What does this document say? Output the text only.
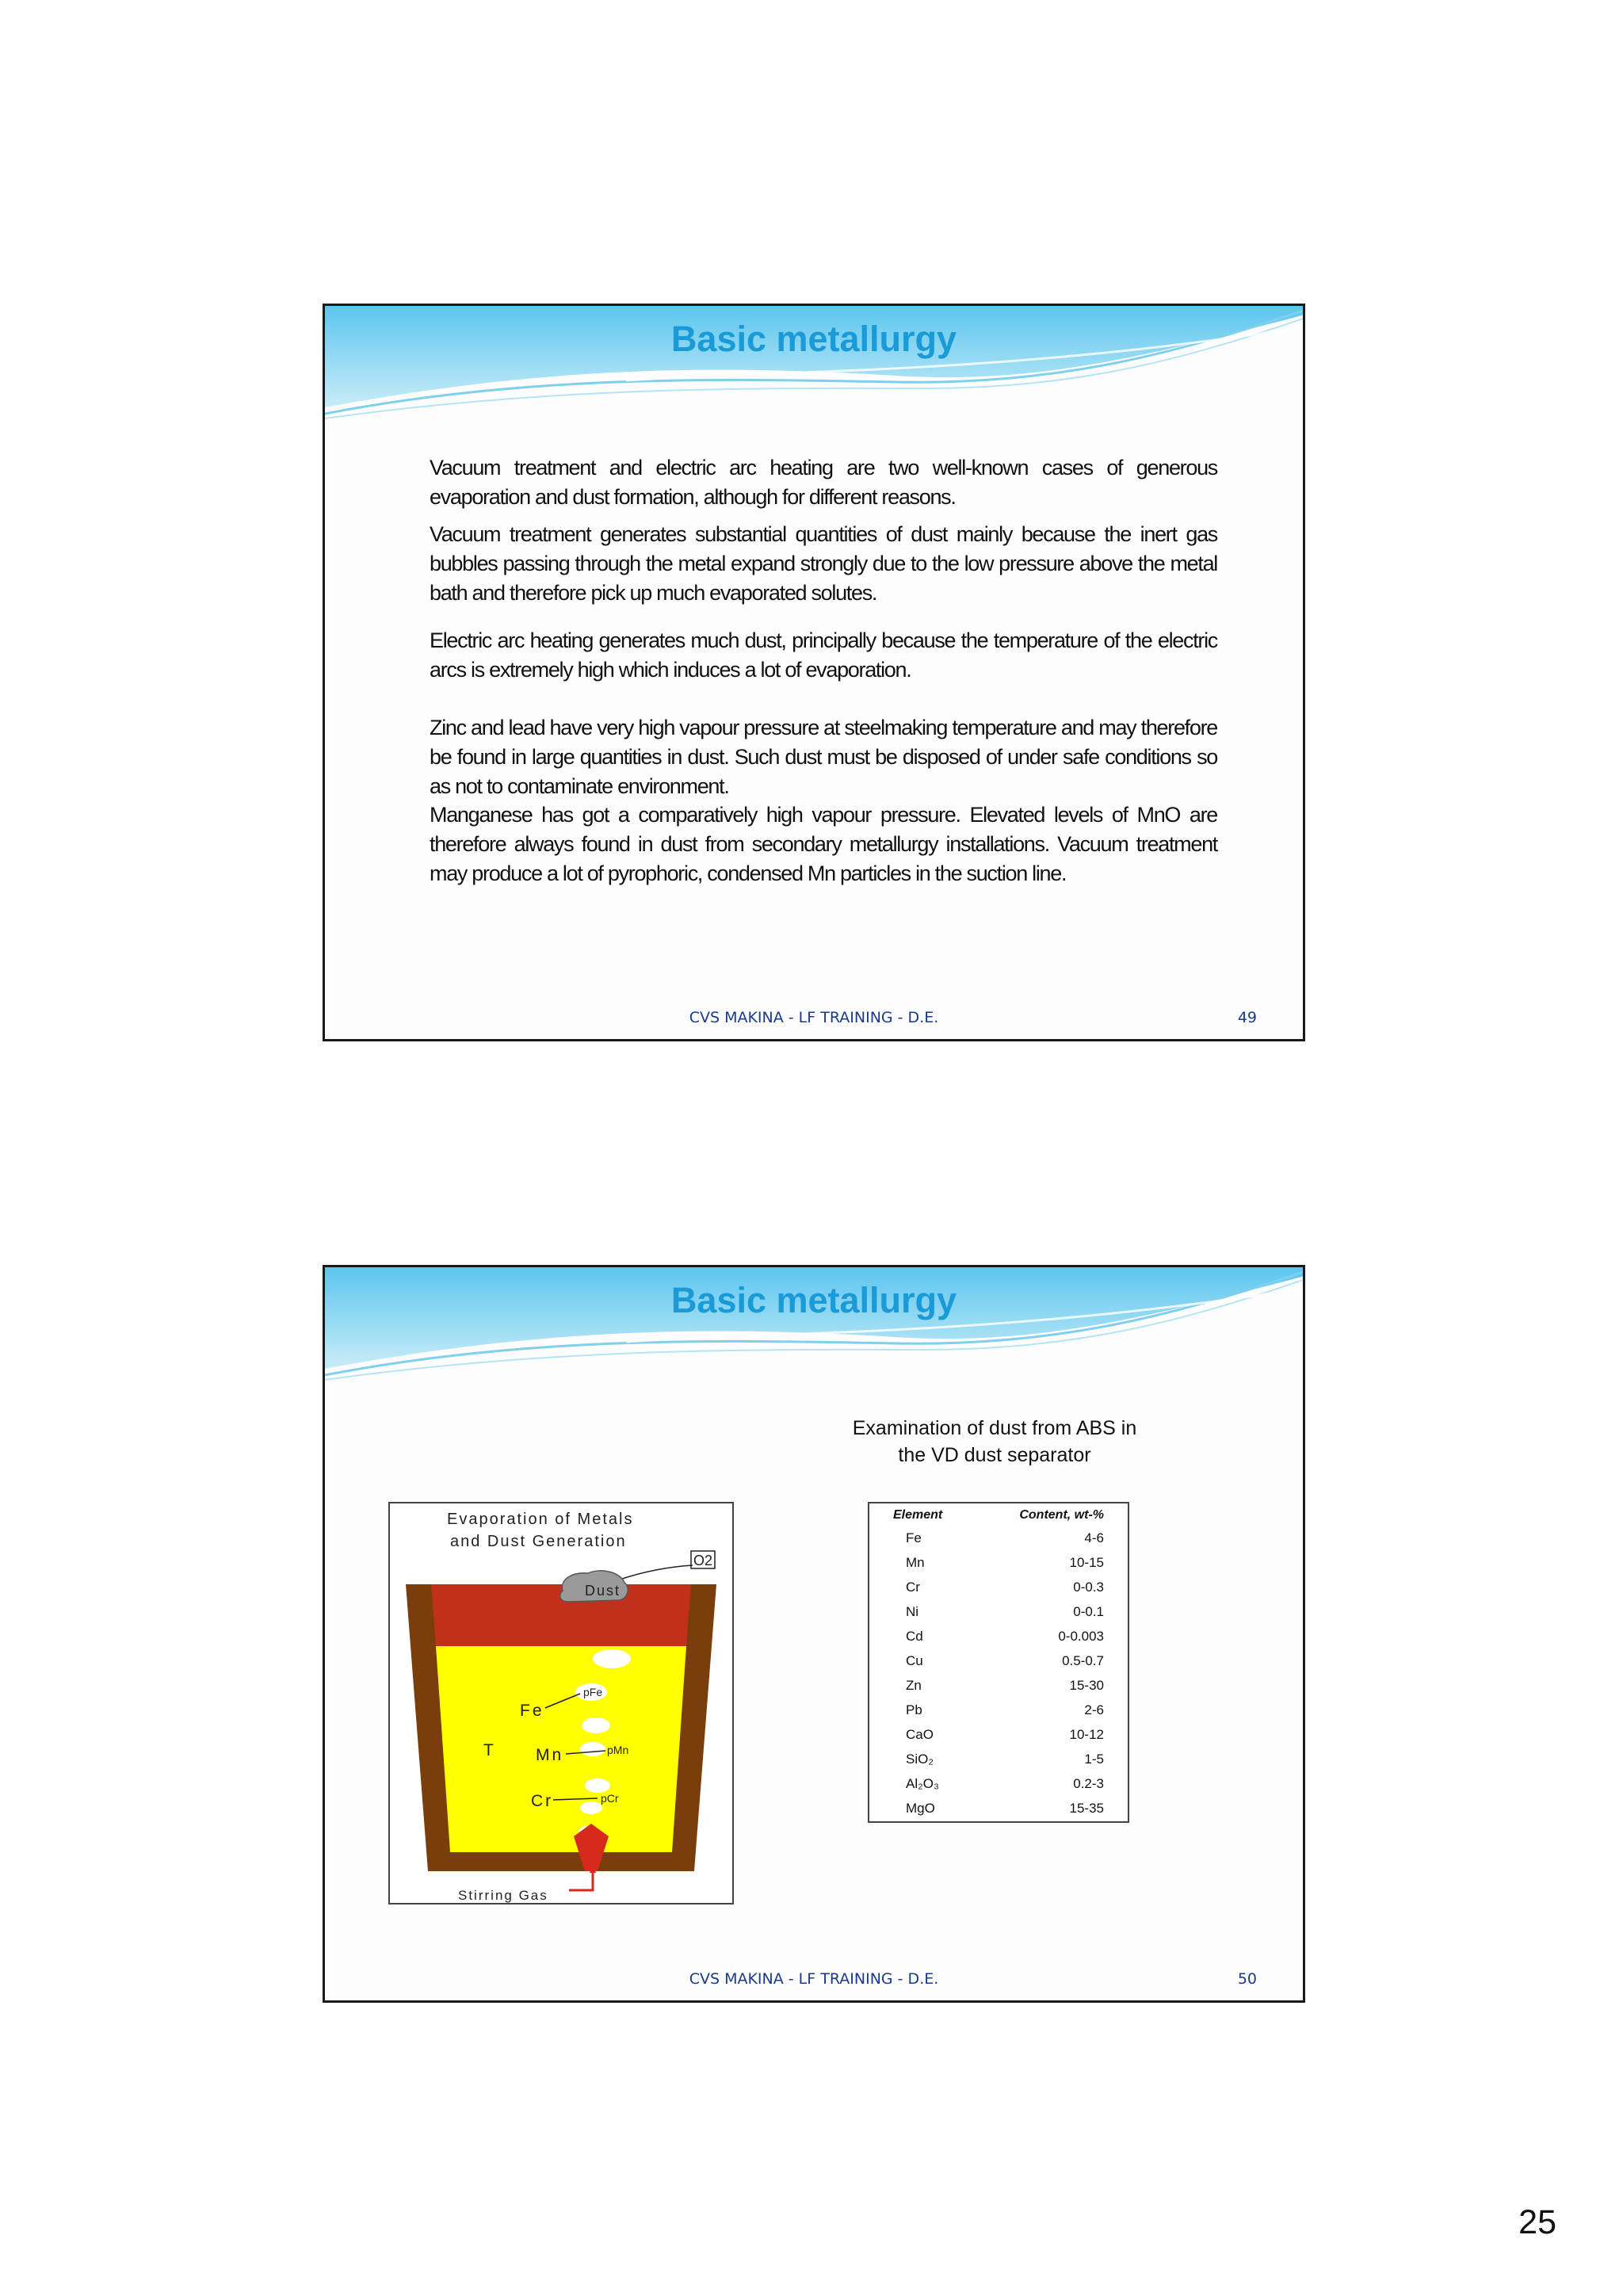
Basic metallurgy
Vacuum treatment and electric arc heating are two well-known cases of generous evaporation and dust formation, although for different reasons.
Vacuum treatment generates substantial quantities of dust mainly because the inert gas bubbles passing through the metal expand strongly due to the low pressure above the metal bath and therefore pick up much evaporated solutes.
Electric arc heating generates much dust, principally because the temperature of the electric arcs is extremely high which induces a lot of evaporation.
Zinc and lead have very high vapour pressure at steelmaking temperature and may therefore be found in large quantities in dust. Such dust must be disposed of under safe conditions so as not to contaminate environment.
Manganese has got a comparatively high vapour pressure. Elevated levels of MnO are therefore always found in dust from secondary metallurgy installations. Vacuum treatment may produce a lot of pyrophoric, condensed Mn particles in the suction line.
CVS MAKINA - LF TRAINING - D.E.	49
Basic metallurgy
Examination of dust from ABS in
the VD dust separator
Evaporation of Metals
and Dust Generation
O2
Dust
pFe
pMn
pCr
Fe
Mn
Cr
T
Stirring Gas
Element	Content, wt-%
Fe	4-6
Mn	10-15
Cr	0-0.3
Ni	0-0.1
Cd	0-0.003
Cu	0.5-0.7
Zn	15-30
Pb	2-6
CaO	10-12
SiO₂	1-5
Al₂O₃	0.2-3
MgO	15-35
CVS MAKINA - LF TRAINING - D.E.	50
25
